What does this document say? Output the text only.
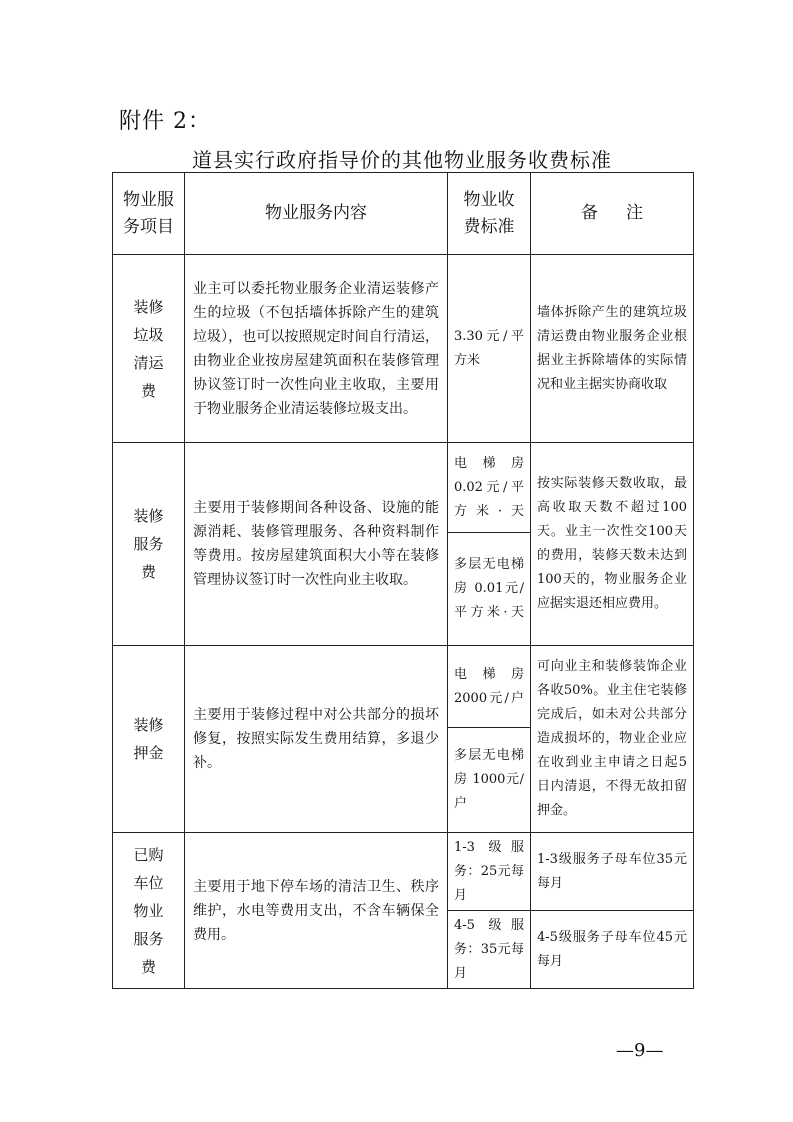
附件 2：
道县实行政府指导价的其他物业服务收费标准
物业服务项目	物业服务内容	物业收费标准	备注
装修垃圾清运费	业主可以委托物业服务企业清运装修产生的垃圾（不包括墙体拆除产生的建筑垃圾），也可以按照规定时间自行清运，由物业企业按房屋建筑面积在装修管理协议签订时一次性向业主收取，主要用于物业服务企业清运装修垃圾支出。	3.30元/平方米	墙体拆除产生的建筑垃圾清运费由物业服务企业根据业主拆除墙体的实际情况和业主据实协商收取
装修服务费	主要用于装修期间各种设备、设施的能源消耗、装修管理服务、各种资料制作等费用。按房屋建筑面积大小等在装修管理协议签订时一次性向业主收取。	电梯房 0.02元/平方米·天	按实际装修天数收取，最高收取天数不超过100天。业主一次性交100天的费用，装修天数未达到100天的，物业服务企业应据实退还相应费用。
		多层无电梯房 0.01元/平方米·天	
装修押金	主要用于装修过程中对公共部分的损坏修复，按照实际发生费用结算，多退少补。	电梯房 2000元/户	可向业主和装修装饰企业各收50%。业主住宅装修完成后，如未对公共部分造成损坏的，物业企业应在收到业主申请之日起5日内清退，不得无故扣留押金。
		多层无电梯房 1000元/户	
已购车位物业服务费	主要用于地下停车场的清洁卫生、秩序维护，水电等费用支出，不含车辆保全费用。	1-3 级服务：25元每月	1-3级服务子母车位35元每月
		4-5 级服务：35元每月	4-5级服务子母车位45元每月
—9—
